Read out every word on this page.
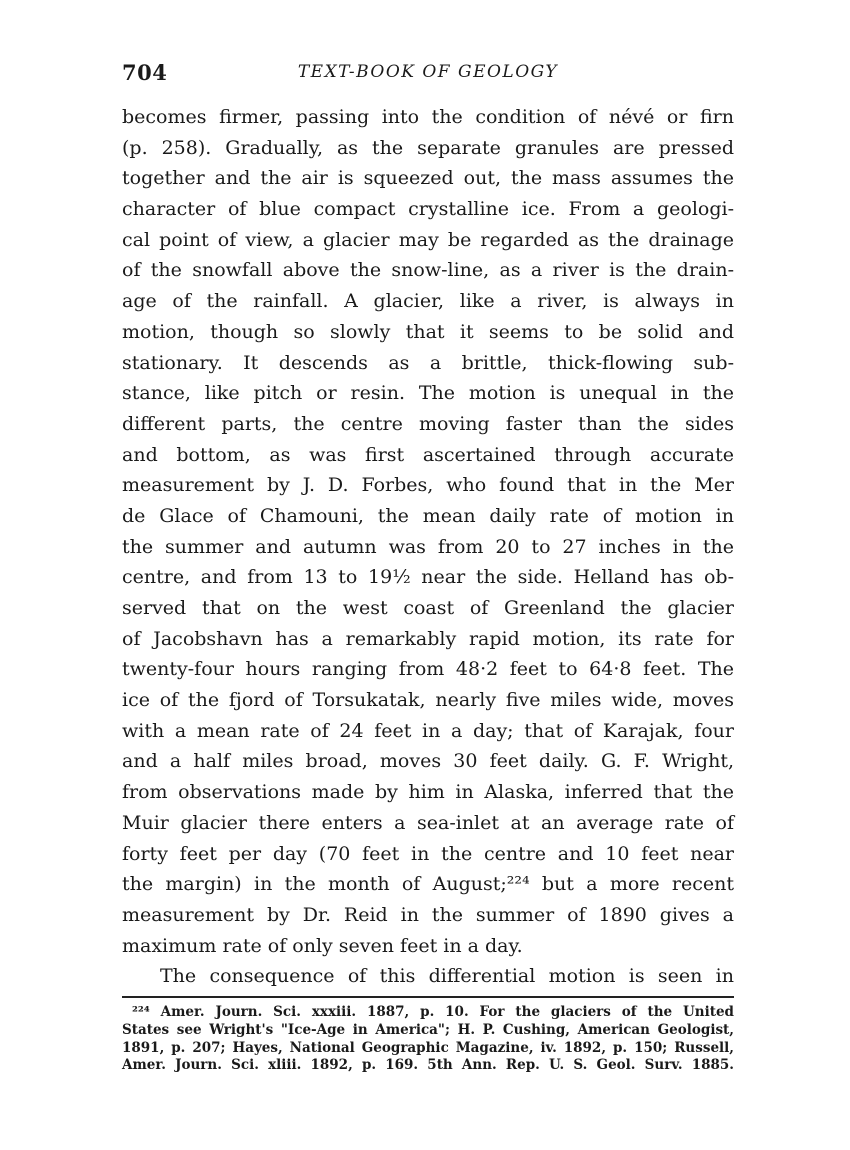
704	TEXT-BOOK OF GEOLOGY
becomes firmer, passing into the condition of névé or firn
(p. 258). Gradually, as the separate granules are pressed
together and the air is squeezed out, the mass assumes the
character of blue compact crystalline ice. From a geologi-
cal point of view, a glacier may be regarded as the drainage
of the snowfall above the snow-line, as a river is the drain-
age of the rainfall. A glacier, like a river, is always in
motion, though so slowly that it seems to be solid and
stationary. It descends as a brittle, thick-flowing sub-
stance, like pitch or resin. The motion is unequal in the
different parts, the centre moving faster than the sides
and bottom, as was first ascertained through accurate
measurement by J. D. Forbes, who found that in the Mer
de Glace of Chamouni, the mean daily rate of motion in
the summer and autumn was from 20 to 27 inches in the
centre, and from 13 to 19½ near the side. Helland has ob-
served that on the west coast of Greenland the glacier
of Jacobshavn has a remarkably rapid motion, its rate for
twenty-four hours ranging from 48·2 feet to 64·8 feet. The
ice of the fjord of Torsukatak, nearly five miles wide, moves
with a mean rate of 24 feet in a day; that of Karajak, four
and a half miles broad, moves 30 feet daily. G. F. Wright,
from observations made by him in Alaska, inferred that the
Muir glacier there enters a sea-inlet at an average rate of
forty feet per day (70 feet in the centre and 10 feet near
the margin) in the month of August;²²⁴ but a more recent
measurement by Dr. Reid in the summer of 1890 gives a
maximum rate of only seven feet in a day.
The consequence of this differential motion is seen in
²²⁴ Amer. Journ. Sci. xxxiii. 1887, p. 10. For the glaciers of the United
States see Wright's "Ice-Age in America"; H. P. Cushing, American Geologist,
1891, p. 207; Hayes, National Geographic Magazine, iv. 1892, p. 150; Russell,
Amer. Journ. Sci. xliii. 1892, p. 169. 5th Ann. Rep. U. S. Geol. Surv. 1885.
